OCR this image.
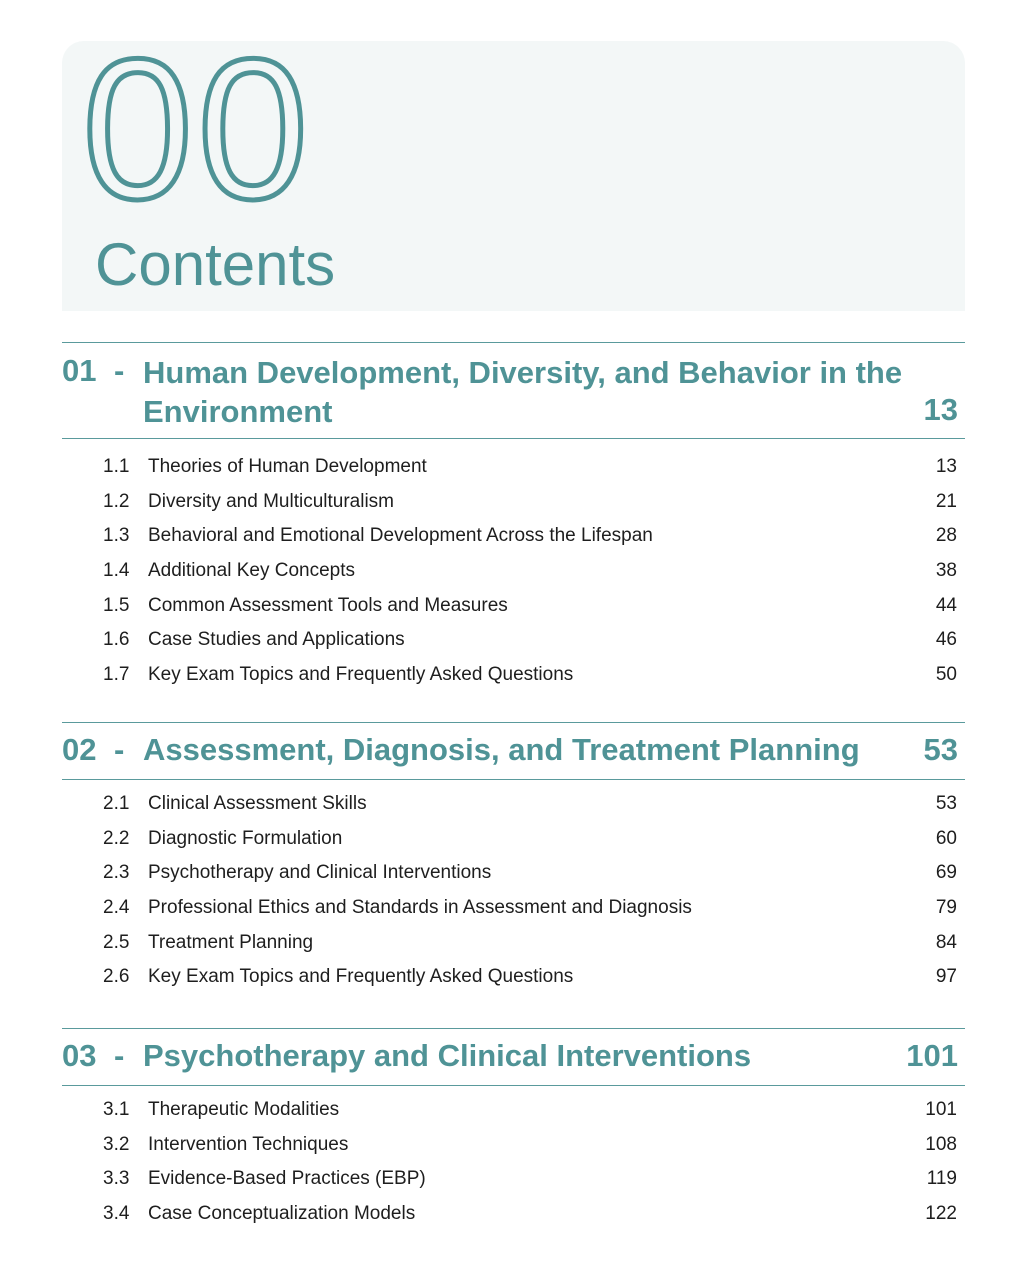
00
Contents
01 - Human Development, Diversity, and Behavior in the
Environment	13
1.1 Theories of Human Development	13
1.2 Diversity and Multiculturalism	21
1.3 Behavioral and Emotional Development Across the Lifespan	28
1.4 Additional Key Concepts	38
1.5 Common Assessment Tools and Measures	44
1.6 Case Studies and Applications	46
1.7 Key Exam Topics and Frequently Asked Questions	50
02 - Assessment, Diagnosis, and Treatment Planning	53
2.1 Clinical Assessment Skills	53
2.2 Diagnostic Formulation	60
2.3 Psychotherapy and Clinical Interventions	69
2.4 Professional Ethics and Standards in Assessment and Diagnosis	79
2.5 Treatment Planning	84
2.6 Key Exam Topics and Frequently Asked Questions	97
03 - Psychotherapy and Clinical Interventions	101
3.1 Therapeutic Modalities	101
3.2 Intervention Techniques	108
3.3 Evidence-Based Practices (EBP)	119
3.4 Case Conceptualization Models	122
